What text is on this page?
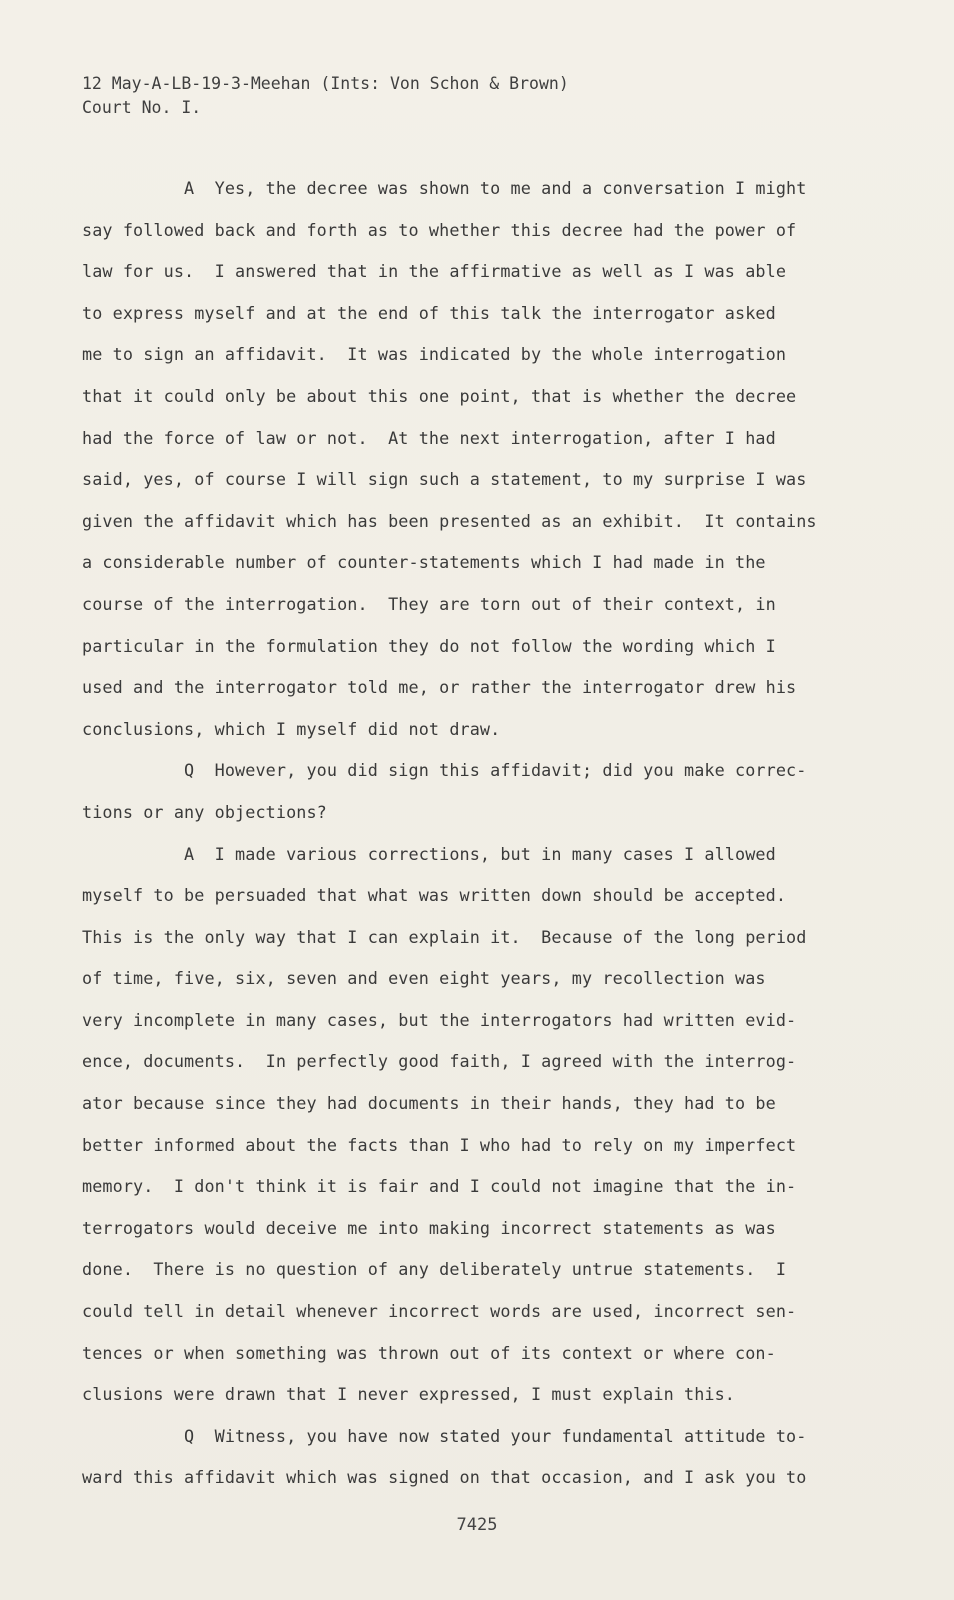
12 May-A-LB-19-3-Meehan (Ints: Von Schon & Brown)
Court No. I.
A  Yes, the decree was shown to me and a conversation I might
say followed back and forth as to whether this decree had the power of
law for us.  I answered that in the affirmative as well as I was able
to express myself and at the end of this talk the interrogator asked
me to sign an affidavit.  It was indicated by the whole interrogation
that it could only be about this one point, that is whether the decree
had the force of law or not.  At the next interrogation, after I had
said, yes, of course I will sign such a statement, to my surprise I was
given the affidavit which has been presented as an exhibit.  It contains
a considerable number of counter-statements which I had made in the
course of the interrogation.  They are torn out of their context, in
particular in the formulation they do not follow the wording which I
used and the interrogator told me, or rather the interrogator drew his
conclusions, which I myself did not draw.
Q  However, you did sign this affidavit; did you make correc-
tions or any objections?
A  I made various corrections, but in many cases I allowed
myself to be persuaded that what was written down should be accepted.
This is the only way that I can explain it.  Because of the long period
of time, five, six, seven and even eight years, my recollection was
very incomplete in many cases, but the interrogators had written evid-
ence, documents.  In perfectly good faith, I agreed with the interrog-
ator because since they had documents in their hands, they had to be
better informed about the facts than I who had to rely on my imperfect
memory.  I don't think it is fair and I could not imagine that the in-
terrogators would deceive me into making incorrect statements as was
done.  There is no question of any deliberately untrue statements.  I
could tell in detail whenever incorrect words are used, incorrect sen-
tences or when something was thrown out of its context or where con-
clusions were drawn that I never expressed, I must explain this.
Q  Witness, you have now stated your fundamental attitude to-
ward this affidavit which was signed on that occasion, and I ask you to
7425
